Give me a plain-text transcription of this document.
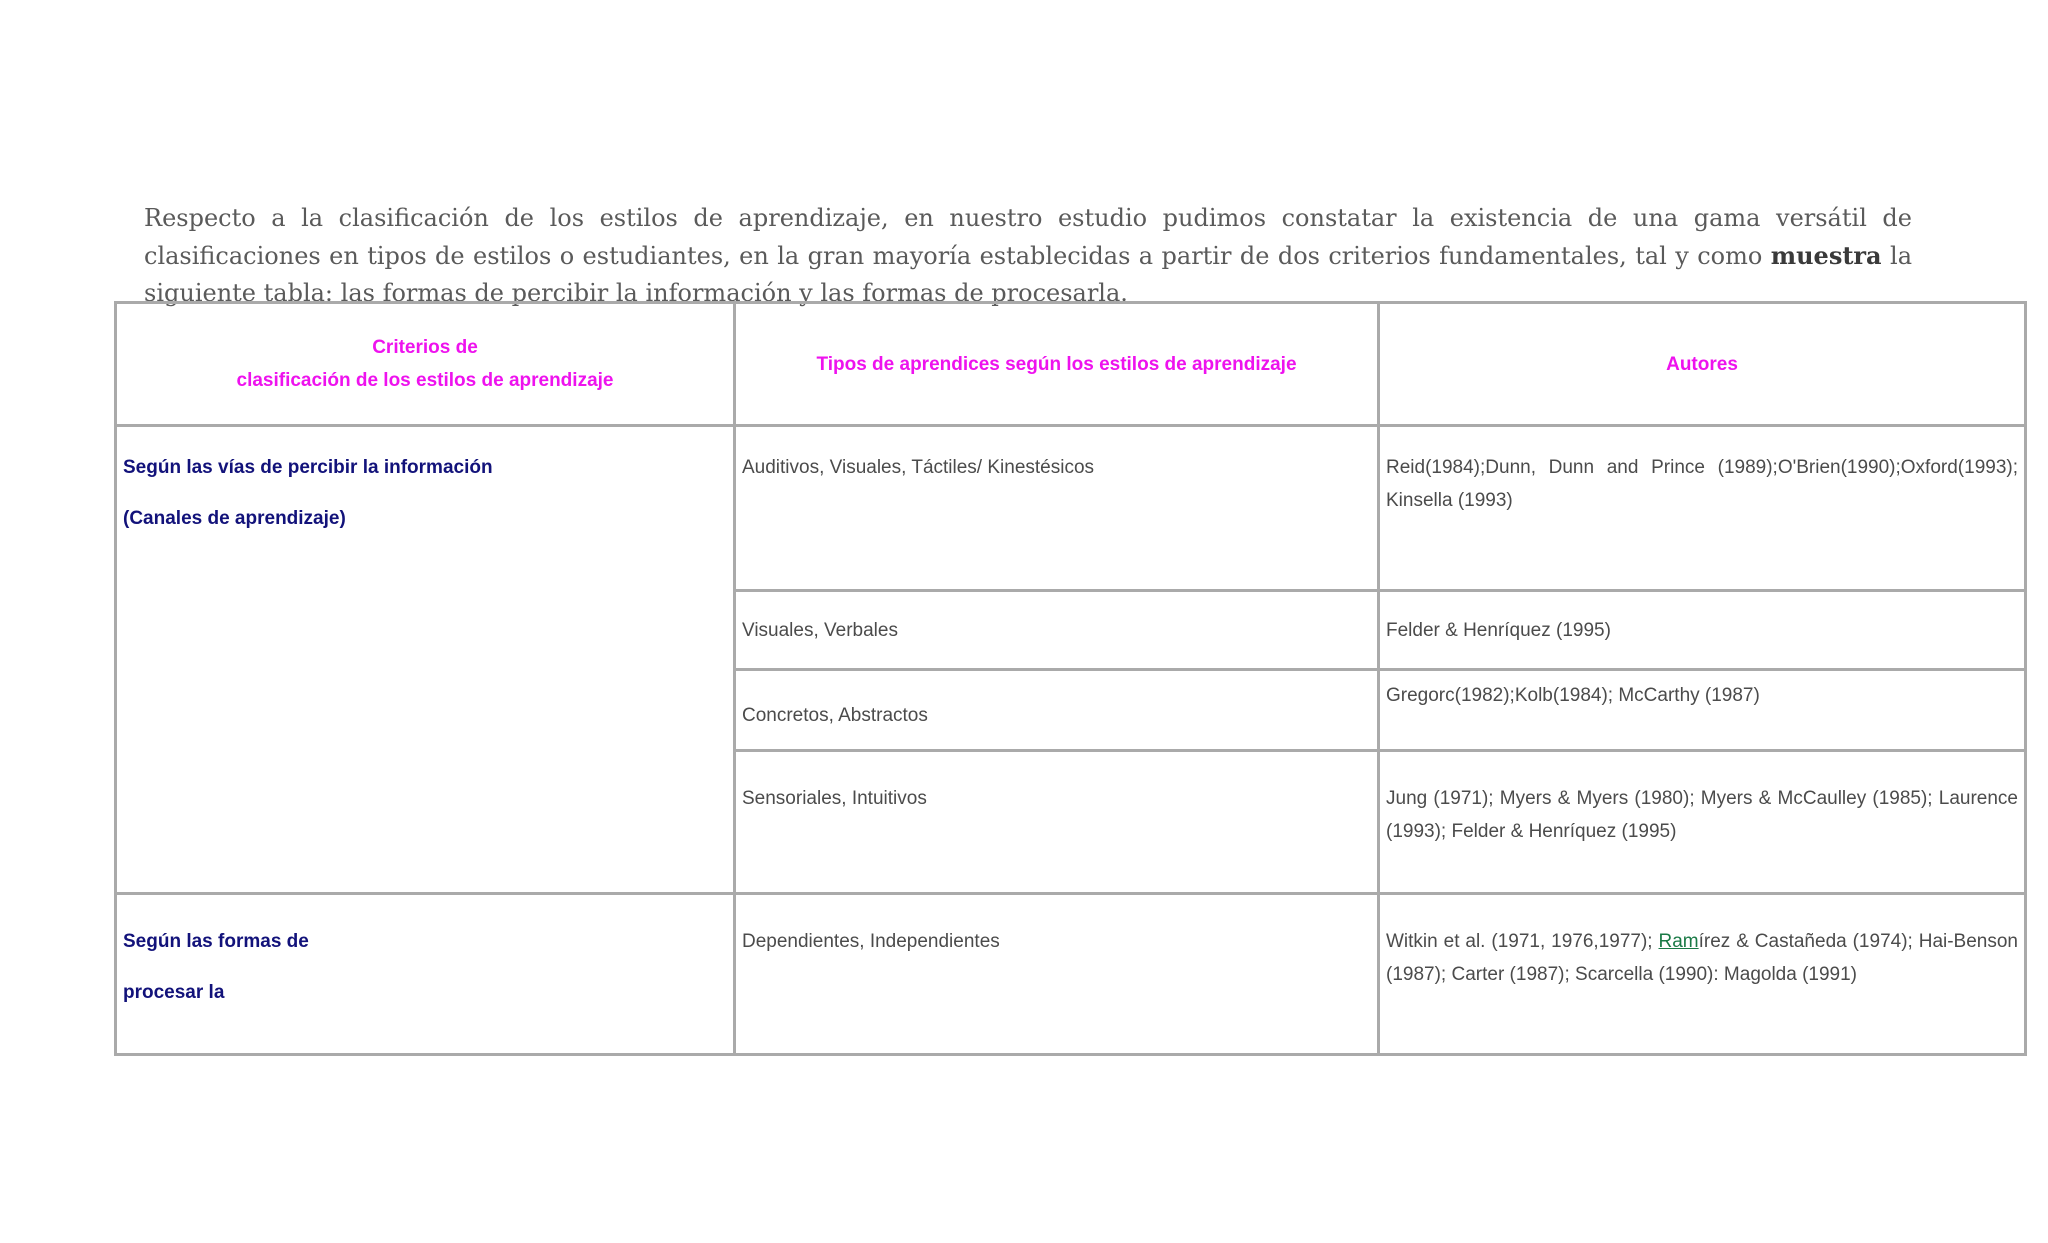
Respecto a la clasificación de los estilos de aprendizaje, en nuestro estudio pudimos constatar la existencia de una gama versátil de clasificaciones en tipos de estilos o estudiantes, en la gran mayoría establecidas a partir de dos criterios fundamentales, tal y como muestra la siguiente tabla: las formas de percibir la información y las formas de procesarla.

Criterios de
clasificación de los estilos de aprendizaje	Tipos de aprendices según los estilos de aprendizaje	Autores

Según las vías de percibir la información

(Canales de aprendizaje)	Auditivos, Visuales, Táctiles/ Kinestésicos	Reid(1984);Dunn, Dunn and Prince (1989);O'Brien(1990);Oxford(1993); Kinsella (1993)
	Visuales, Verbales	Felder & Henríquez (1995)

	Concretos, Abstractos	Gregorc(1982);Kolb(1984); McCarthy (1987)

	Sensoriales, Intuitivos	Jung (1971); Myers & Myers (1980); Myers & McCaulley (1985); Laurence (1993); Felder & Henríquez (1995)

Según las formas de

procesar la	Dependientes, Independientes	Witkin et al. (1971, 1976,1977); Ramírez & Castañeda (1974); Hai-Benson (1987); Carter (1987); Scarcella (1990): Magolda (1991)
